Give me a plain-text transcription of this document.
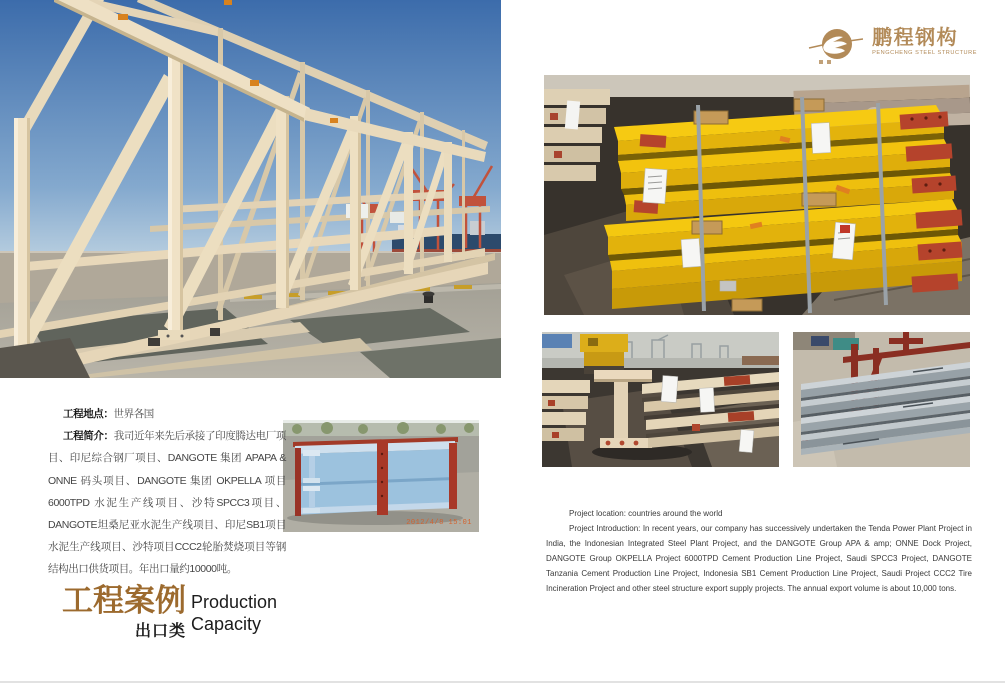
鹏程钢构
PENGCHENG STEEL STRUCTURE
2012/4/8 15:01

工程地点：世界各国

工程简介：我司近年来先后承接了印度腾达电厂项目、印尼综合钢厂项目、DANGOTE 集团 APAPA & ONNE 码头项目、DANGOTE 集团 OKPELLA 项目 6000TPD 水泥生产线项目、沙特SPCC3项目、DANGOTE坦桑尼亚水泥生产线项目、印尼SB1项目水泥生产线项目、沙特项目CCC2轮胎焚烧项目等钢结构出口供货项目。年出口量约10000吨。

工程案例
出口类
Production
Capacity

Project location: countries around the world

Project Introduction: In recent years, our company has successively undertaken the Tenda Power Plant Project in India, the Indonesian Integrated Steel Plant Project, and the DANGOTE Group APA & amp; ONNE Dock Project, DANGOTE Group OKPELLA Project 6000TPD Cement Production Line Project, Saudi SPCC3 Project, DANGOTE Tanzania Cement Production Line Project, Indonesia SB1 Cement Production Line Project, Saudi Project CCC2 Tire Incineration Project and other steel structure export supply projects. The annual export volume is about 10,000 tons.
